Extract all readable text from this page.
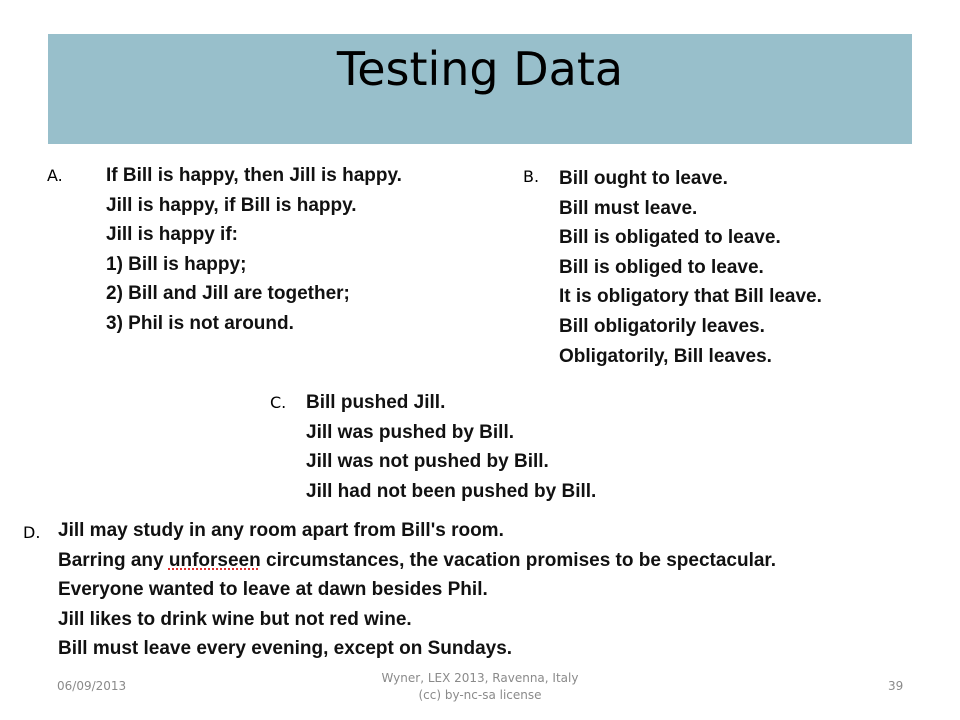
Testing Data
A. If Bill is happy, then Jill is happy.
Jill is happy, if Bill is happy.
Jill is happy if:
1) Bill is happy;
2) Bill and Jill are together;
3) Phil is not around.
B. Bill ought to leave.
Bill must leave.
Bill is obligated to leave.
Bill is obliged to leave.
It is obligatory that Bill leave.
Bill obligatorily leaves.
Obligatorily, Bill leaves.
C. Bill pushed Jill.
Jill was pushed by Bill.
Jill was not pushed by Bill.
Jill had not been pushed by Bill.
D. Jill may study in any room apart from Bill's room.
Barring any unforseen circumstances, the vacation promises to be spectacular.
Everyone wanted to leave at dawn besides Phil.
Jill likes to drink wine but not red wine.
Bill must leave every evening, except on Sundays.
06/09/2013
Wyner, LEX 2013, Ravenna, Italy
(cc) by-nc-sa license
39
